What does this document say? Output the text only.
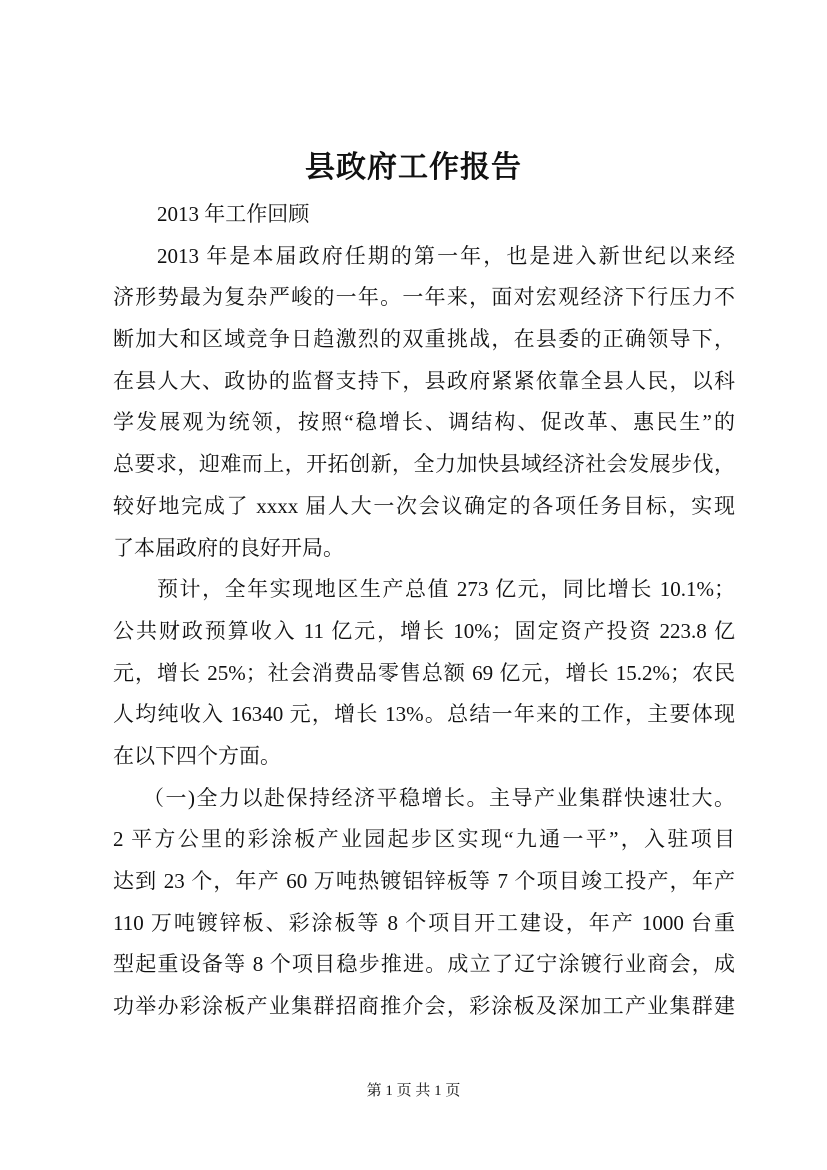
县政府工作报告
2013 年工作回顾
2013 年是本届政府任期的第一年，也是进入新世纪以来经
济形势最为复杂严峻的一年。一年来，面对宏观经济下行压力不
断加大和区域竞争日趋激烈的双重挑战，在县委的正确领导下，
在县人大、政协的监督支持下，县政府紧紧依靠全县人民，以科
学发展观为统领，按照“稳增长、调结构、促改革、惠民生”的
总要求，迎难而上，开拓创新，全力加快县域经济社会发展步伐，
较好地完成了 xxxx 届人大一次会议确定的各项任务目标，实现
了本届政府的良好开局。
预计，全年实现地区生产总值 273 亿元，同比增长 10.1%；
公共财政预算收入 11 亿元，增长 10%；固定资产投资 223.8 亿
元，增长 25%；社会消费品零售总额 69 亿元，增长 15.2%；农民
人均纯收入 16340 元，增长 13%。总结一年来的工作，主要体现
在以下四个方面。
（一)全力以赴保持经济平稳增长。主导产业集群快速壮大。
2 平方公里的彩涂板产业园起步区实现“九通一平”，入驻项目
达到 23 个，年产 60 万吨热镀铝锌板等 7 个项目竣工投产，年产
110 万吨镀锌板、彩涂板等 8 个项目开工建设，年产 1000 台重
型起重设备等 8 个项目稳步推进。成立了辽宁涂镀行业商会，成
功举办彩涂板产业集群招商推介会，彩涂板及深加工产业集群建
第 1 页 共 1 页
